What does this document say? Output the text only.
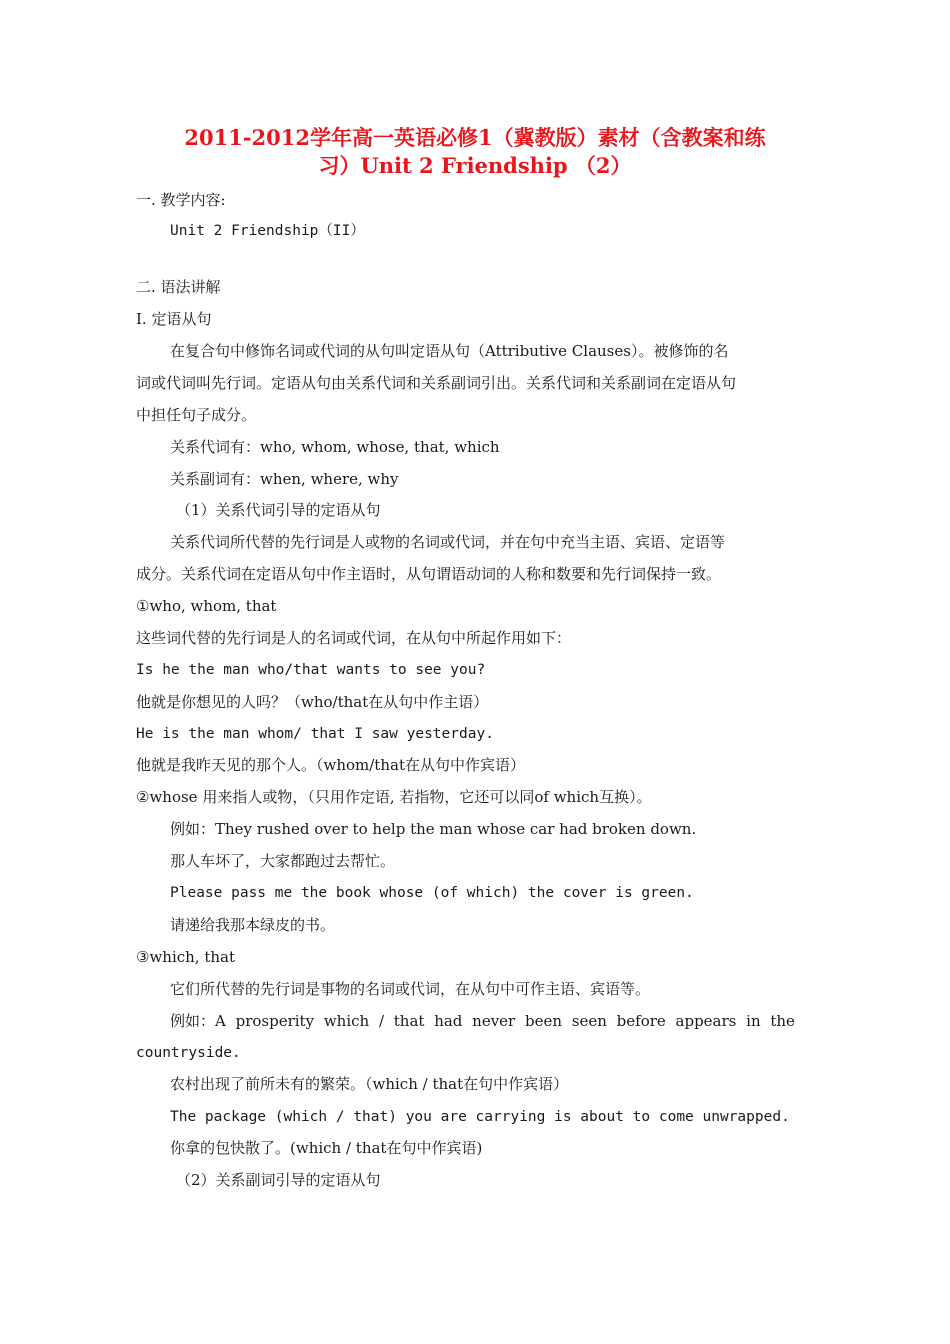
2011-2012学年高一英语必修1（冀教版）素材（含教案和练
习）Unit 2 Friendship （2）
一. 教学内容:
Unit 2 Friendship（II）
二. 语法讲解
I. 定语从句
在复合句中修饰名词或代词的从句叫定语从句（Attributive Clauses）。被修饰的名
词或代词叫先行词。定语从句由关系代词和关系副词引出。关系代词和关系副词在定语从句
中担任句子成分。
关系代词有：who, whom, whose, that, which
关系副词有：when, where, why
（1）关系代词引导的定语从句
关系代词所代替的先行词是人或物的名词或代词，并在句中充当主语、宾语、定语等
成分。关系代词在定语从句中作主语时，从句谓语动词的人称和数要和先行词保持一致。
①who, whom, that
这些词代替的先行词是人的名词或代词，在从句中所起作用如下：
Is he the man who/that wants to see you?
他就是你想见的人吗？（who/that在从句中作主语）
He is the man whom/ that I saw yesterday.
他就是我昨天见的那个人。（whom/that在从句中作宾语）
②whose 用来指人或物，（只用作定语, 若指物，它还可以同of which互换）。
例如：They rushed over to help the man whose car had broken down.
那人车坏了，大家都跑过去帮忙。
Please pass me the book whose (of which) the cover is green.
请递给我那本绿皮的书。
③which, that
它们所代替的先行词是事物的名词或代词，在从句中可作主语、宾语等。
例如：A prosperity which / that had never been seen before appears in the
countryside.
农村出现了前所未有的繁荣。（which / that在句中作宾语）
The package (which / that) you are carrying is about to come unwrapped.
你拿的包快散了。(which / that在句中作宾语)
（2）关系副词引导的定语从句
